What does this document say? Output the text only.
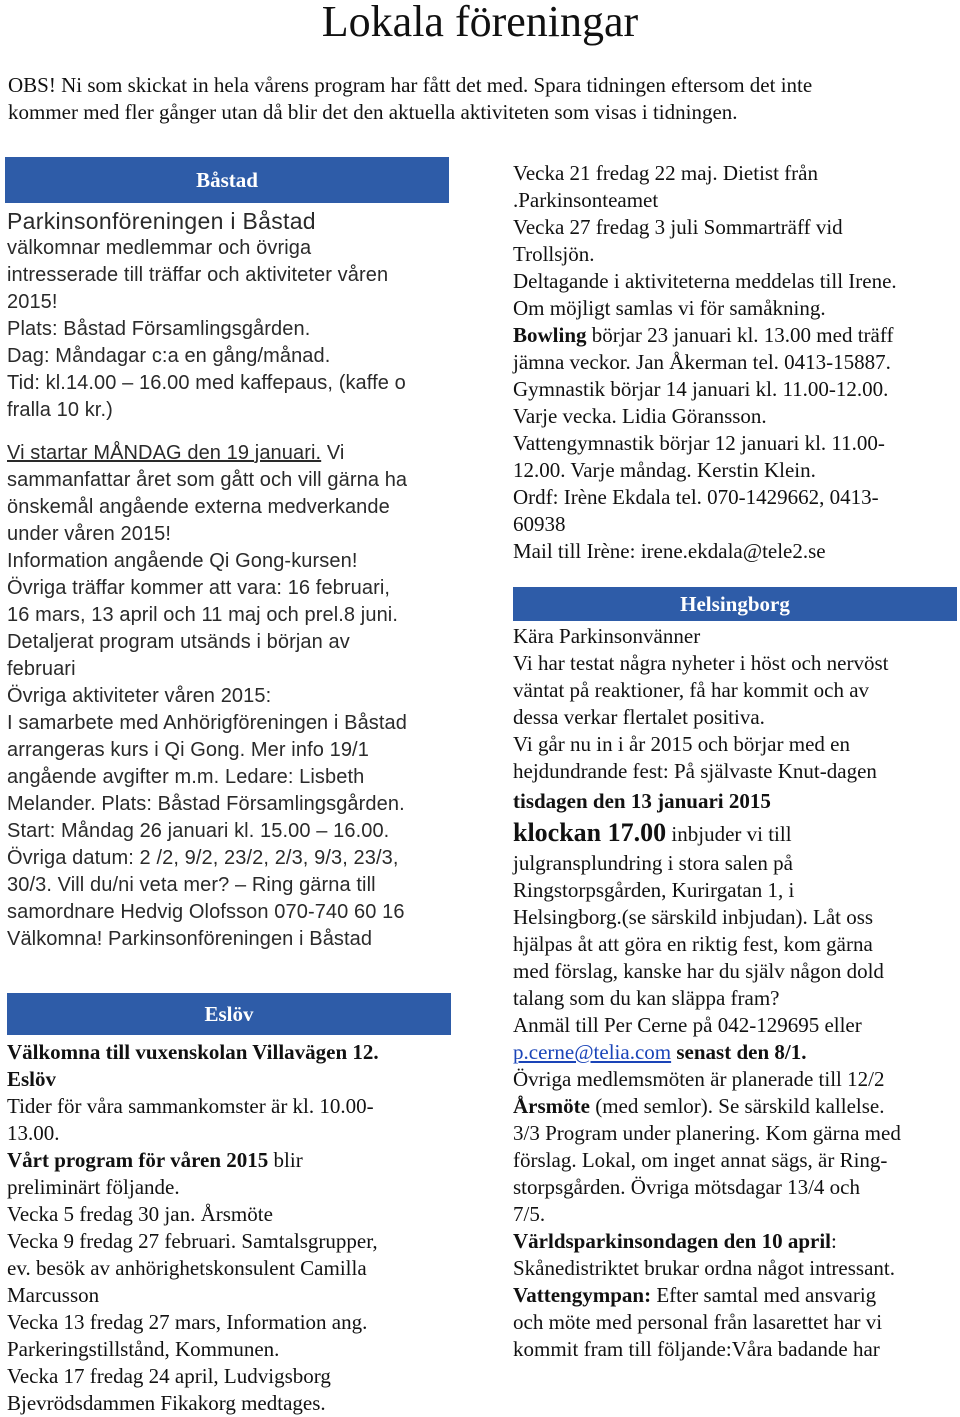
Lokala föreningar
OBS! Ni som skickat in hela vårens program har fått det med. Spara tidningen eftersom det inte
kommer med fler gånger utan då blir det den aktuella aktiviteten som visas i tidningen.
Båstad
Parkinsonföreningen i Båstad
välkomnar medlemmar och övriga
intresserade till träffar och aktiviteter våren
2015!
Plats: Båstad Församlingsgården.
Dag: Måndagar c:a en gång/månad.
Tid: kl.14.00 – 16.00 med kaffepaus, (kaffe o
fralla 10 kr.)
Vi startar MÅNDAG den 19 januari. Vi
sammanfattar året som gått och vill gärna ha
önskemål angående externa medverkande
under våren 2015!
Information angående Qi Gong-kursen!
Övriga träffar kommer att vara: 16 februari,
16 mars, 13 april och 11 maj och prel.8 juni.
Detaljerat program utsänds i början av
februari
Övriga aktiviteter våren 2015:
I samarbete med Anhörigföreningen i Båstad
arrangeras kurs i Qi Gong. Mer info 19/1
angående avgifter m.m. Ledare: Lisbeth
Melander. Plats: Båstad Församlingsgården.
Start: Måndag 26 januari kl. 15.00 – 16.00.
Övriga datum: 2 /2, 9/2, 23/2, 2/3, 9/3, 23/3,
30/3. Vill du/ni veta mer? – Ring gärna till
samordnare Hedvig Olofsson 070-740 60 16
Välkomna! Parkinsonföreningen i Båstad
Eslöv
Välkomna till vuxenskolan Villavägen 12.
Eslöv
Tider för våra sammankomster är kl. 10.00-
13.00.
Vårt program för våren 2015 blir
preliminärt följande.
Vecka 5 fredag 30 jan. Årsmöte
Vecka 9 fredag 27 februari. Samtalsgrupper,
ev. besök av anhörighetskonsulent Camilla
Marcusson
Vecka 13 fredag 27 mars, Information ang.
Parkeringstillstånd, Kommunen.
Vecka 17 fredag 24 april, Ludvigsborg
Bjevrödsdammen Fikakorg medtages.
Vecka 21 fredag 22 maj. Dietist från
.Parkinsonteamet
Vecka 27 fredag 3 juli Sommarträff vid
Trollsjön.
Deltagande i aktiviteterna meddelas till Irene.
Om möjligt samlas vi för samåkning.
Bowling börjar 23 januari kl. 13.00 med träff
jämna veckor. Jan Åkerman tel. 0413-15887.
Gymnastik börjar 14 januari kl. 11.00-12.00.
Varje vecka. Lidia Göransson.
Vattengymnastik börjar 12 januari kl. 11.00-
12.00. Varje måndag. Kerstin Klein.
Ordf: Irène Ekdala tel. 070-1429662, 0413-
60938
Mail till Irène: irene.ekdala@tele2.se
Helsingborg
Kära Parkinsonvänner
Vi har testat några nyheter i höst och nervöst
väntat på reaktioner, få har kommit och av
dessa verkar flertalet positiva.
Vi går nu in i år 2015 och börjar med en
hejdundrande fest: På självaste Knut-dagen
tisdagen den 13 januari 2015
klockan 17.00 inbjuder vi till
julgransplundring i stora salen på
Ringstorpsgården, Kurirgatan 1, i
Helsingborg.(se särskild inbjudan). Låt oss
hjälpas åt att göra en riktig fest, kom gärna
med förslag, kanske har du själv någon dold
talang som du kan släppa fram?
Anmäl till Per Cerne på 042-129695 eller
p.cerne@telia.com senast den 8/1.
Övriga medlemsmöten är planerade till 12/2
Årsmöte (med semlor). Se särskild kallelse.
3/3 Program under planering. Kom gärna med
förslag. Lokal, om inget annat sägs, är Ring-
storpsgården. Övriga mötsdagar 13/4 och
7/5.
Världsparkinsondagen den 10 april:
Skånedistriktet brukar ordna något intressant.
Vattengympan: Efter samtal med ansvarig
och möte med personal från lasarettet har vi
kommit fram till följande:Våra badande har
